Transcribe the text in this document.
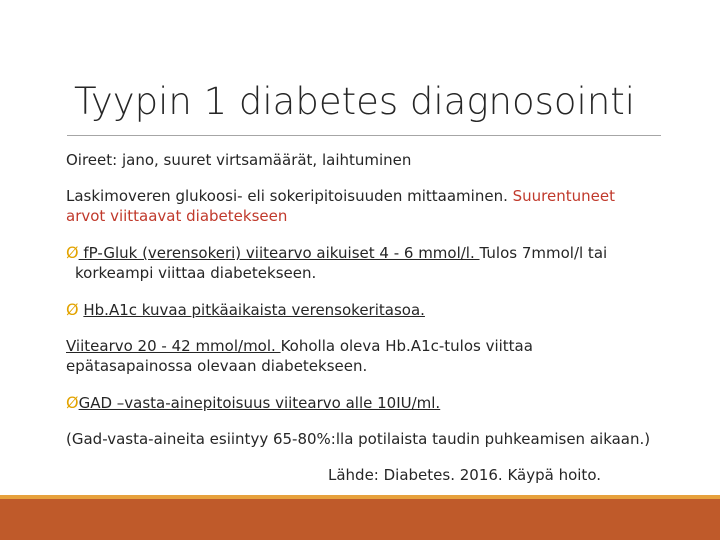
Tyypin 1 diabetes diagnosointi
Oireet: jano, suuret virtsamäärät, laihtuminen
Laskimoveren glukoosi- eli sokeripitoisuuden mittaaminen. Suurentuneet
arvot viittaavat diabetekseen
Ø fP-Gluk (verensokeri) viitearvo aikuiset 4 - 6 mmol/l. Tulos 7mmol/l tai
korkeampi viittaa diabetekseen.
Ø Hb.A1c kuvaa pitkäaikaista verensokeritasoa.
Viitearvo 20 - 42 mmol/mol. Koholla oleva Hb.A1c-tulos viittaa
epätasapainossa olevaan diabetekseen.
ØGAD –vasta-ainepitoisuus viitearvo alle 10IU/ml.
(Gad-vasta-aineita esiintyy 65-80%:lla potilaista taudin puhkeamisen aikaan.)
Lähde: Diabetes. 2016. Käypä hoito.
